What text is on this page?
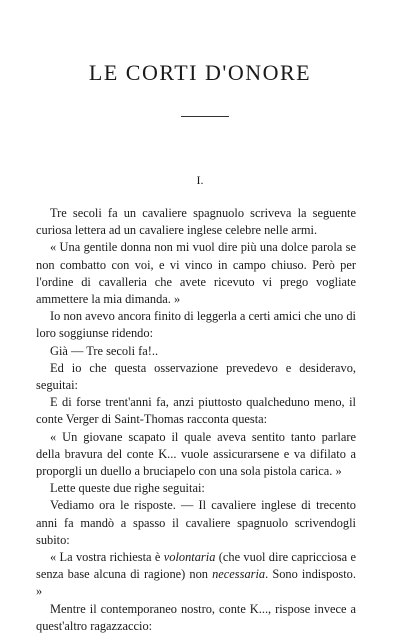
LE CORTI D'ONORE
I.

Tre secoli fa un cavaliere spagnuolo scriveva la seguente curiosa lettera ad un cavaliere inglese celebre nelle armi.

« Una gentile donna non mi vuol dire più una dolce parola se non combatto con voi, e vi vinco in campo chiuso. Però per l'ordine di cavalleria che avete ricevuto vi prego vogliate ammettere la mia dimanda. »

Io non avevo ancora finito di leggerla a certi amici che uno di loro soggiunse ridendo:

Già — Tre secoli fa!..

Ed io che questa osservazione prevedevo e desideravo, seguitai:

E di forse trent'anni fa, anzi piuttosto qualcheduno meno, il conte Verger di Saint-Thomas racconta questa:

« Un giovane scapato il quale aveva sentito tanto parlare della bravura del conte K... vuole assicurarsene e va difilato a proporgli un duello a bruciapelo con una sola pistola carica. »

Lette queste due righe seguitai:

Vediamo ora le risposte. — Il cavaliere inglese di trecento anni fa mandò a spasso il cavaliere spagnuolo scrivendogli subito:

« La vostra richiesta è volontaria (che vuol dire capricciosa e senza base alcuna di ragione) non necessaria. Sono indisposto. »

Mentre il contemporaneo nostro, conte K..., rispose invece a quest'altro ragazzaccio:
